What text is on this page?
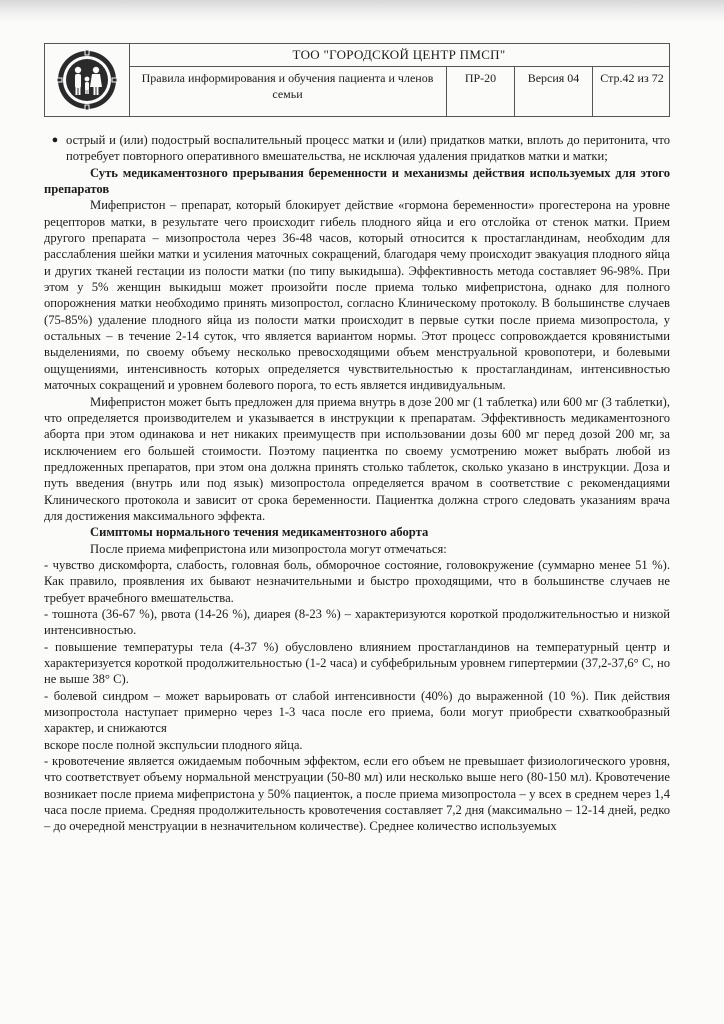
ТОО "ГОРОДСКОЙ ЦЕНТР ПМСП"
Правила информирования и обучения пациента и членов семьи
ПР-20	Версия 04	Стр.42 из 72
● острый и (или) подострый воспалительный процесс матки и (или) придатков матки, вплоть до перитонита, что потребует повторного оперативного вмешательства, не исключая удаления придатков матки и матки;

Суть медикаментозного прерывания беременности и механизмы действия используемых для этого препаратов

Мифепристон – препарат, который блокирует действие «гормона беременности» прогестерона на уровне рецепторов матки, в результате чего происходит гибель плодного яйца и его отслойка от стенок матки. Прием другого препарата – мизопростола через 36-48 часов, который относится к простагландинам, необходим для расслабления шейки матки и усиления маточных сокращений, благодаря чему происходит эвакуация плодного яйца и других тканей гестации из полости матки (по типу выкидыша). Эффективность метода составляет 96-98%. При этом у 5% женщин выкидыш может произойти после приема только мифепристона, однако для полного опорожнения матки необходимо принять мизопростол, согласно Клиническому протоколу. В большинстве случаев (75-85%) удаление плодного яйца из полости матки происходит в первые сутки после приема мизопростола, у остальных – в течение 2-14 суток, что является вариантом нормы. Этот процесс сопровождается кровянистыми выделениями, по своему объему несколько превосходящими объем менструальной кровопотери, и болевыми ощущениями, интенсивность которых определяется чувствительностью к простагландинам, интенсивностью маточных сокращений и уровнем болевого порога, то есть является индивидуальным.

Мифепристон может быть предложен для приема внутрь в дозе 200 мг (1 таблетка) или 600 мг (3 таблетки), что определяется производителем и указывается в инструкции к препаратам. Эффективность медикаментозного аборта при этом одинакова и нет никаких преимуществ при использовании дозы 600 мг перед дозой 200 мг, за исключением его большей стоимости. Поэтому пациентка по своему усмотрению может выбрать любой из предложенных препаратов, при этом она должна принять столько таблеток, сколько указано в инструкции. Доза и путь введения (внутрь или под язык) мизопростола определяется врачом в соответствие с рекомендациями Клинического протокола и зависит от срока беременности. Пациентка должна строго следовать указаниям врача для достижения максимального эффекта.

Симптомы нормального течения медикаментозного аборта

После приема мифепристона или мизопростола могут отмечаться:

- чувство дискомфорта, слабость, головная боль, обморочное состояние, головокружение (суммарно менее 51 %). Как правило, проявления их бывают незначительными и быстро проходящими, что в большинстве случаев не требует врачебного вмешательства.

- тошнота (36-67 %), рвота (14-26 %), диарея (8-23 %) – характеризуются короткой продолжительностью и низкой интенсивностью.

- повышение температуры тела (4-37 %) обусловлено влиянием простагландинов на температурный центр и характеризуется короткой продолжительностью (1-2 часа) и субфебрильным уровнем гипертермии (37,2-37,6° C, но не выше 38° C).

- болевой синдром – может варьировать от слабой интенсивности (40%) до выраженной (10 %). Пик действия мизопростола наступает примерно через 1-3 часа после его приема, боли могут приобрести схваткообразный характер, и снижаются

вскоре после полной экспульсии плодного яйца.

- кровотечение является ожидаемым побочным эффектом, если его объем не превышает физиологического уровня, что соответствует объему нормальной менструации (50-80 мл) или несколько выше него (80-150 мл). Кровотечение возникает после приема мифепристона у 50% пациенток, а после приема мизопростола – у всех в среднем через 1,4 часа после приема. Средняя продолжительность кровотечения составляет 7,2 дня (максимально – 12-14 дней, редко – до очередной менструации в незначительном количестве). Среднее количество используемых
